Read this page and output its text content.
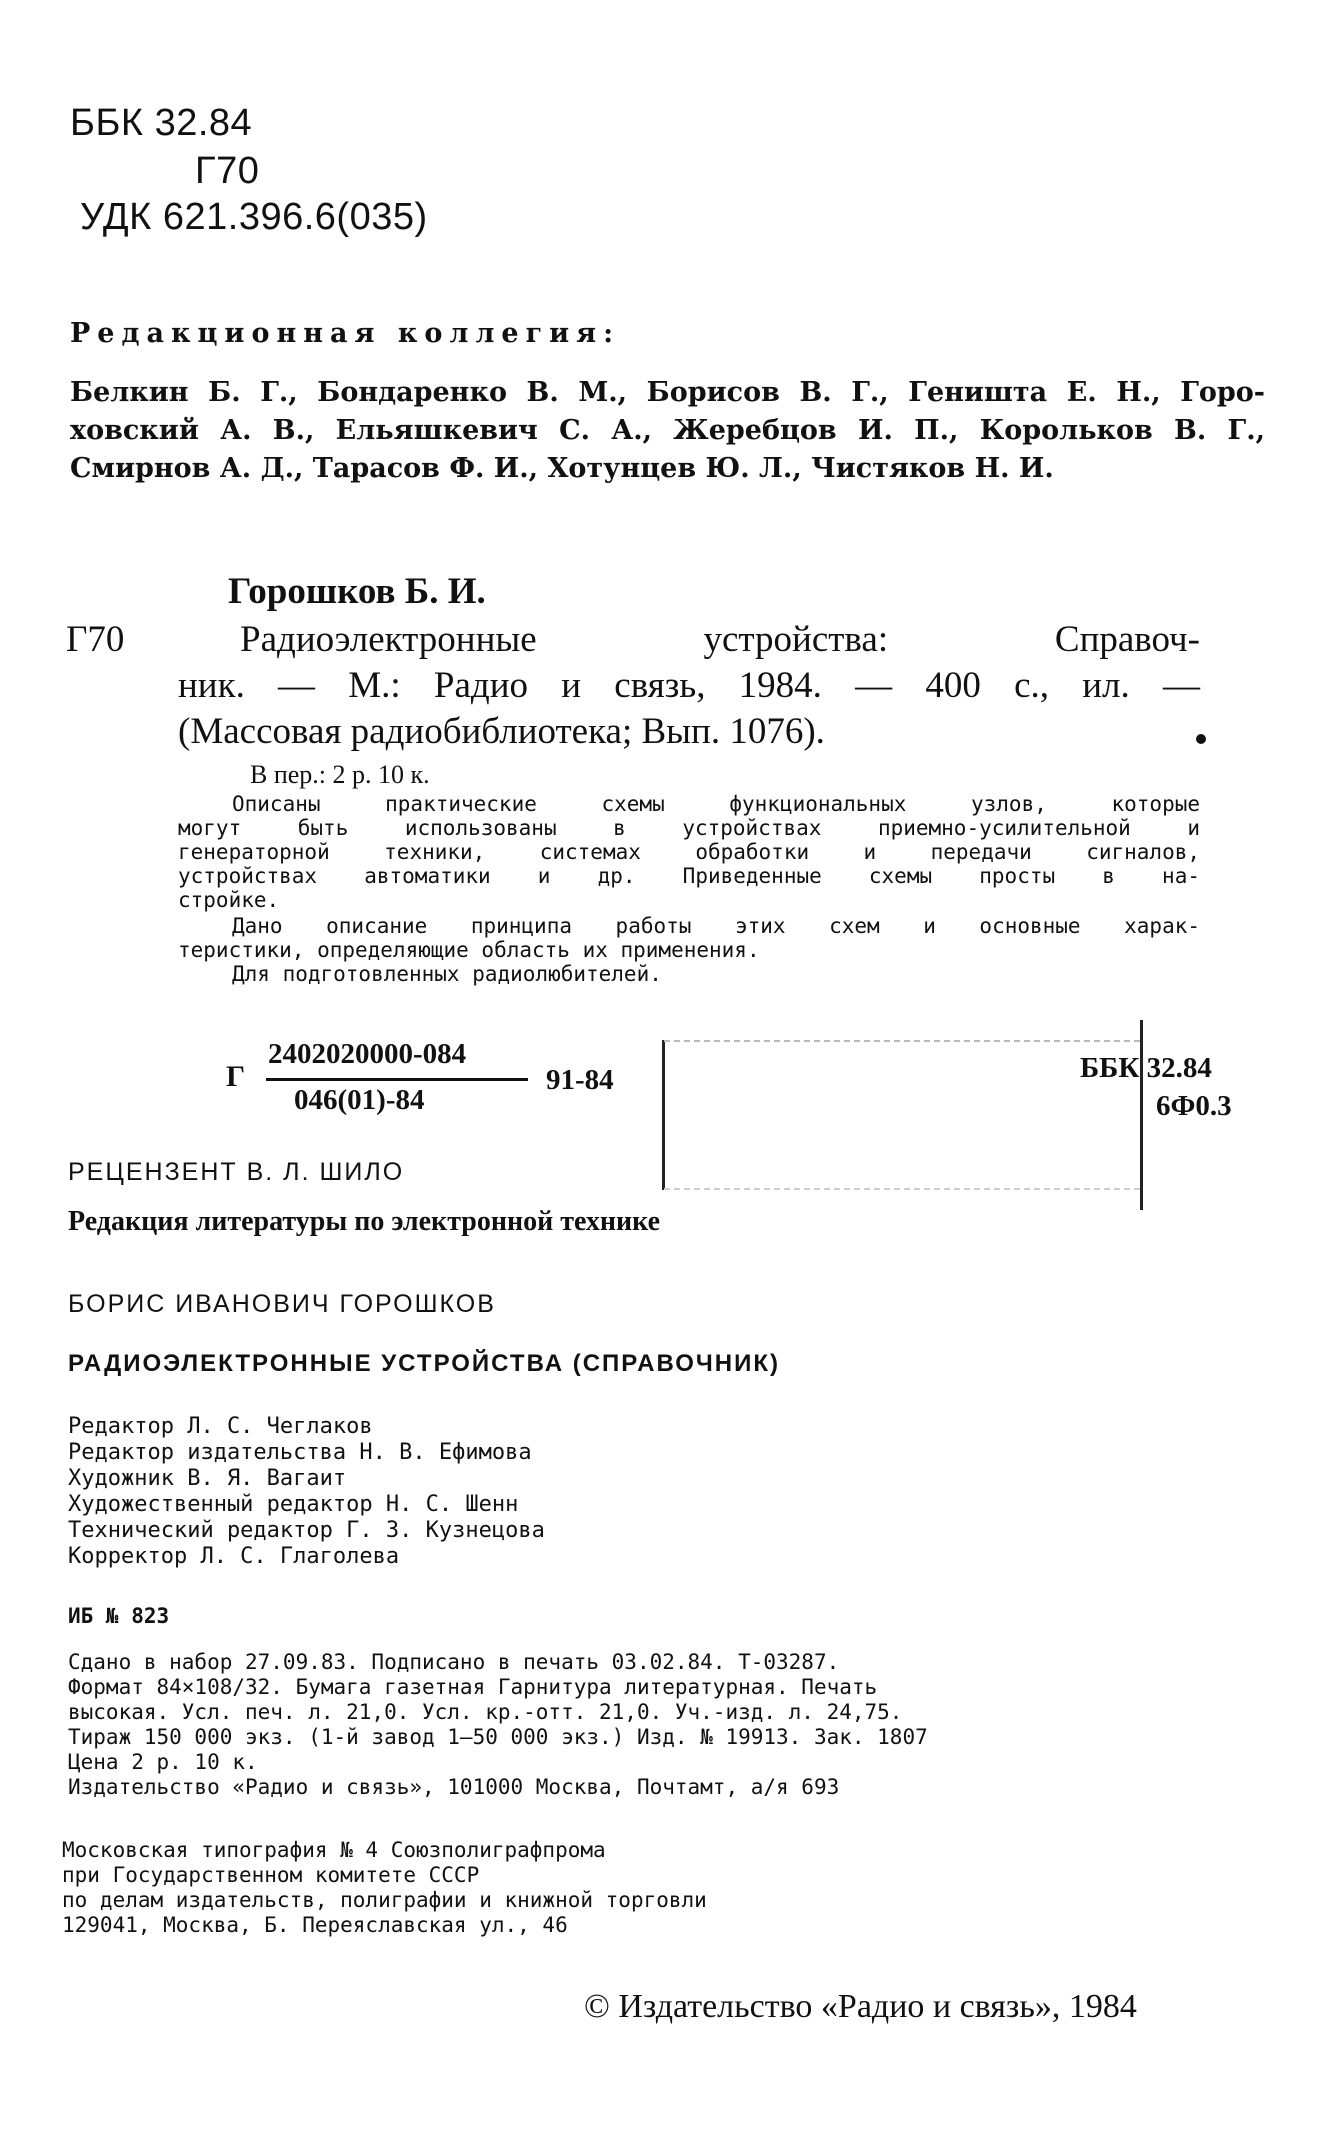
ББК 32.84
Г70
УДК 621.396.6(035)
Редакционная коллегия:
Белкин Б. Г., Бондаренко В. М., Борисов В. Г., Геништа Е. Н., Горо-
ховский А. В., Ельяшкевич С. А., Жеребцов И. П., Корольков В. Г.,
Смирнов А. Д., Тарасов Ф. И., Хотунцев Ю. Л., Чистяков Н. И.
Горошков Б. И.
Г70	Радиоэлектронные устройства: Справоч-
ник. — М.: Радио и связь, 1984. — 400 с., ил. —
(Массовая радиобиблиотека; Вып. 1076).
В пер.: 2 р. 10 к.
Описаны практические схемы функциональных узлов, которые
могут быть использованы в устройствах приемно-усилительной и
генераторной техники, системах обработки и передачи сигналов,
устройствах автоматики и др. Приведенные схемы просты в на-
стройке.
Дано описание принципа работы этих схем и основные харак-
теристики, определяющие область их применения.
Для подготовленных радиолюбителей.
Г
2402020000-084
046(01)-84
91-84	ББК 32.84
6Ф0.3
РЕЦЕНЗЕНТ В. Л. ШИЛО
Редакция литературы по электронной технике
БОРИС ИВАНОВИЧ ГОРОШКОВ
РАДИОЭЛЕКТРОННЫЕ УСТРОЙСТВА (СПРАВОЧНИК)
Редактор Л. С. Чеглаков
Редактор издательства Н. В. Ефимова
Художник В. Я. Вагаит
Художественный редактор Н. С. Шенн
Технический редактор Г. З. Кузнецова
Корректор Л. С. Глаголева
ИБ № 823
Сдано в набор 27.09.83. Подписано в печать 03.02.84. Т-03287.
Формат 84×108/32. Бумага газетная Гарнитура литературная. Печать
высокая. Усл. печ. л. 21,0. Усл. кр.-отт. 21,0. Уч.-изд. л. 24,75.
Тираж 150 000 экз. (1-й завод 1—50 000 экз.) Изд. № 19913. Зак. 1807
Цена 2 р. 10 к.
Издательство «Радио и связь», 101000 Москва, Почтамт, а/я 693
Московская типография № 4 Союзполиграфпрома
при Государственном комитете СССР
по делам издательств, полиграфии и книжной торговли
129041, Москва, Б. Переяславская ул., 46
© Издательство «Радио и связь», 1984
